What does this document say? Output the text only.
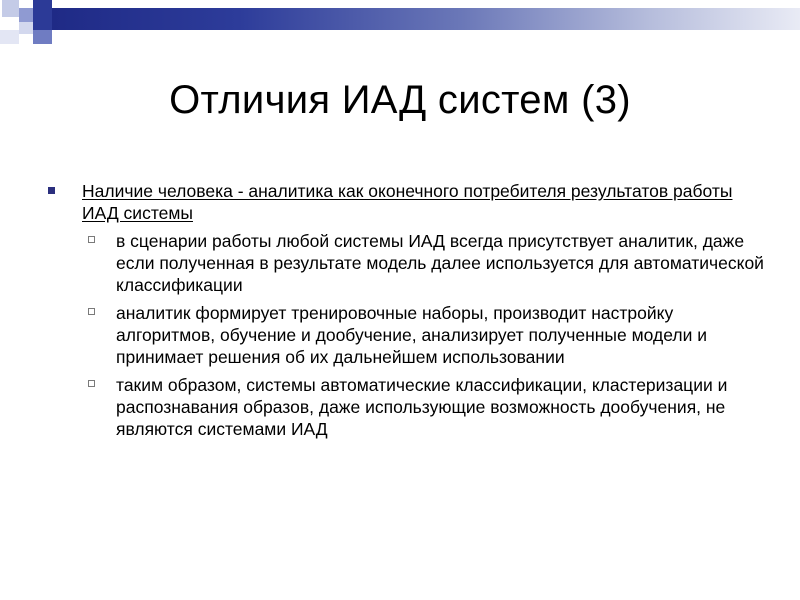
Отличия ИАД систем (3)
Наличие человека - аналитика как оконечного потребителя результатов работы ИАД системы
в сценарии работы любой системы ИАД всегда присутствует аналитик, даже если полученная в результате модель далее используется для автоматической классификации
аналитик формирует тренировочные наборы, производит настройку алгоритмов, обучение и дообучение, анализирует полученные модели и принимает решения об их дальнейшем использовании
таким образом, системы автоматические классификации, кластеризации и распознавания образов, даже использующие возможность дообучения, не являются системами ИАД
